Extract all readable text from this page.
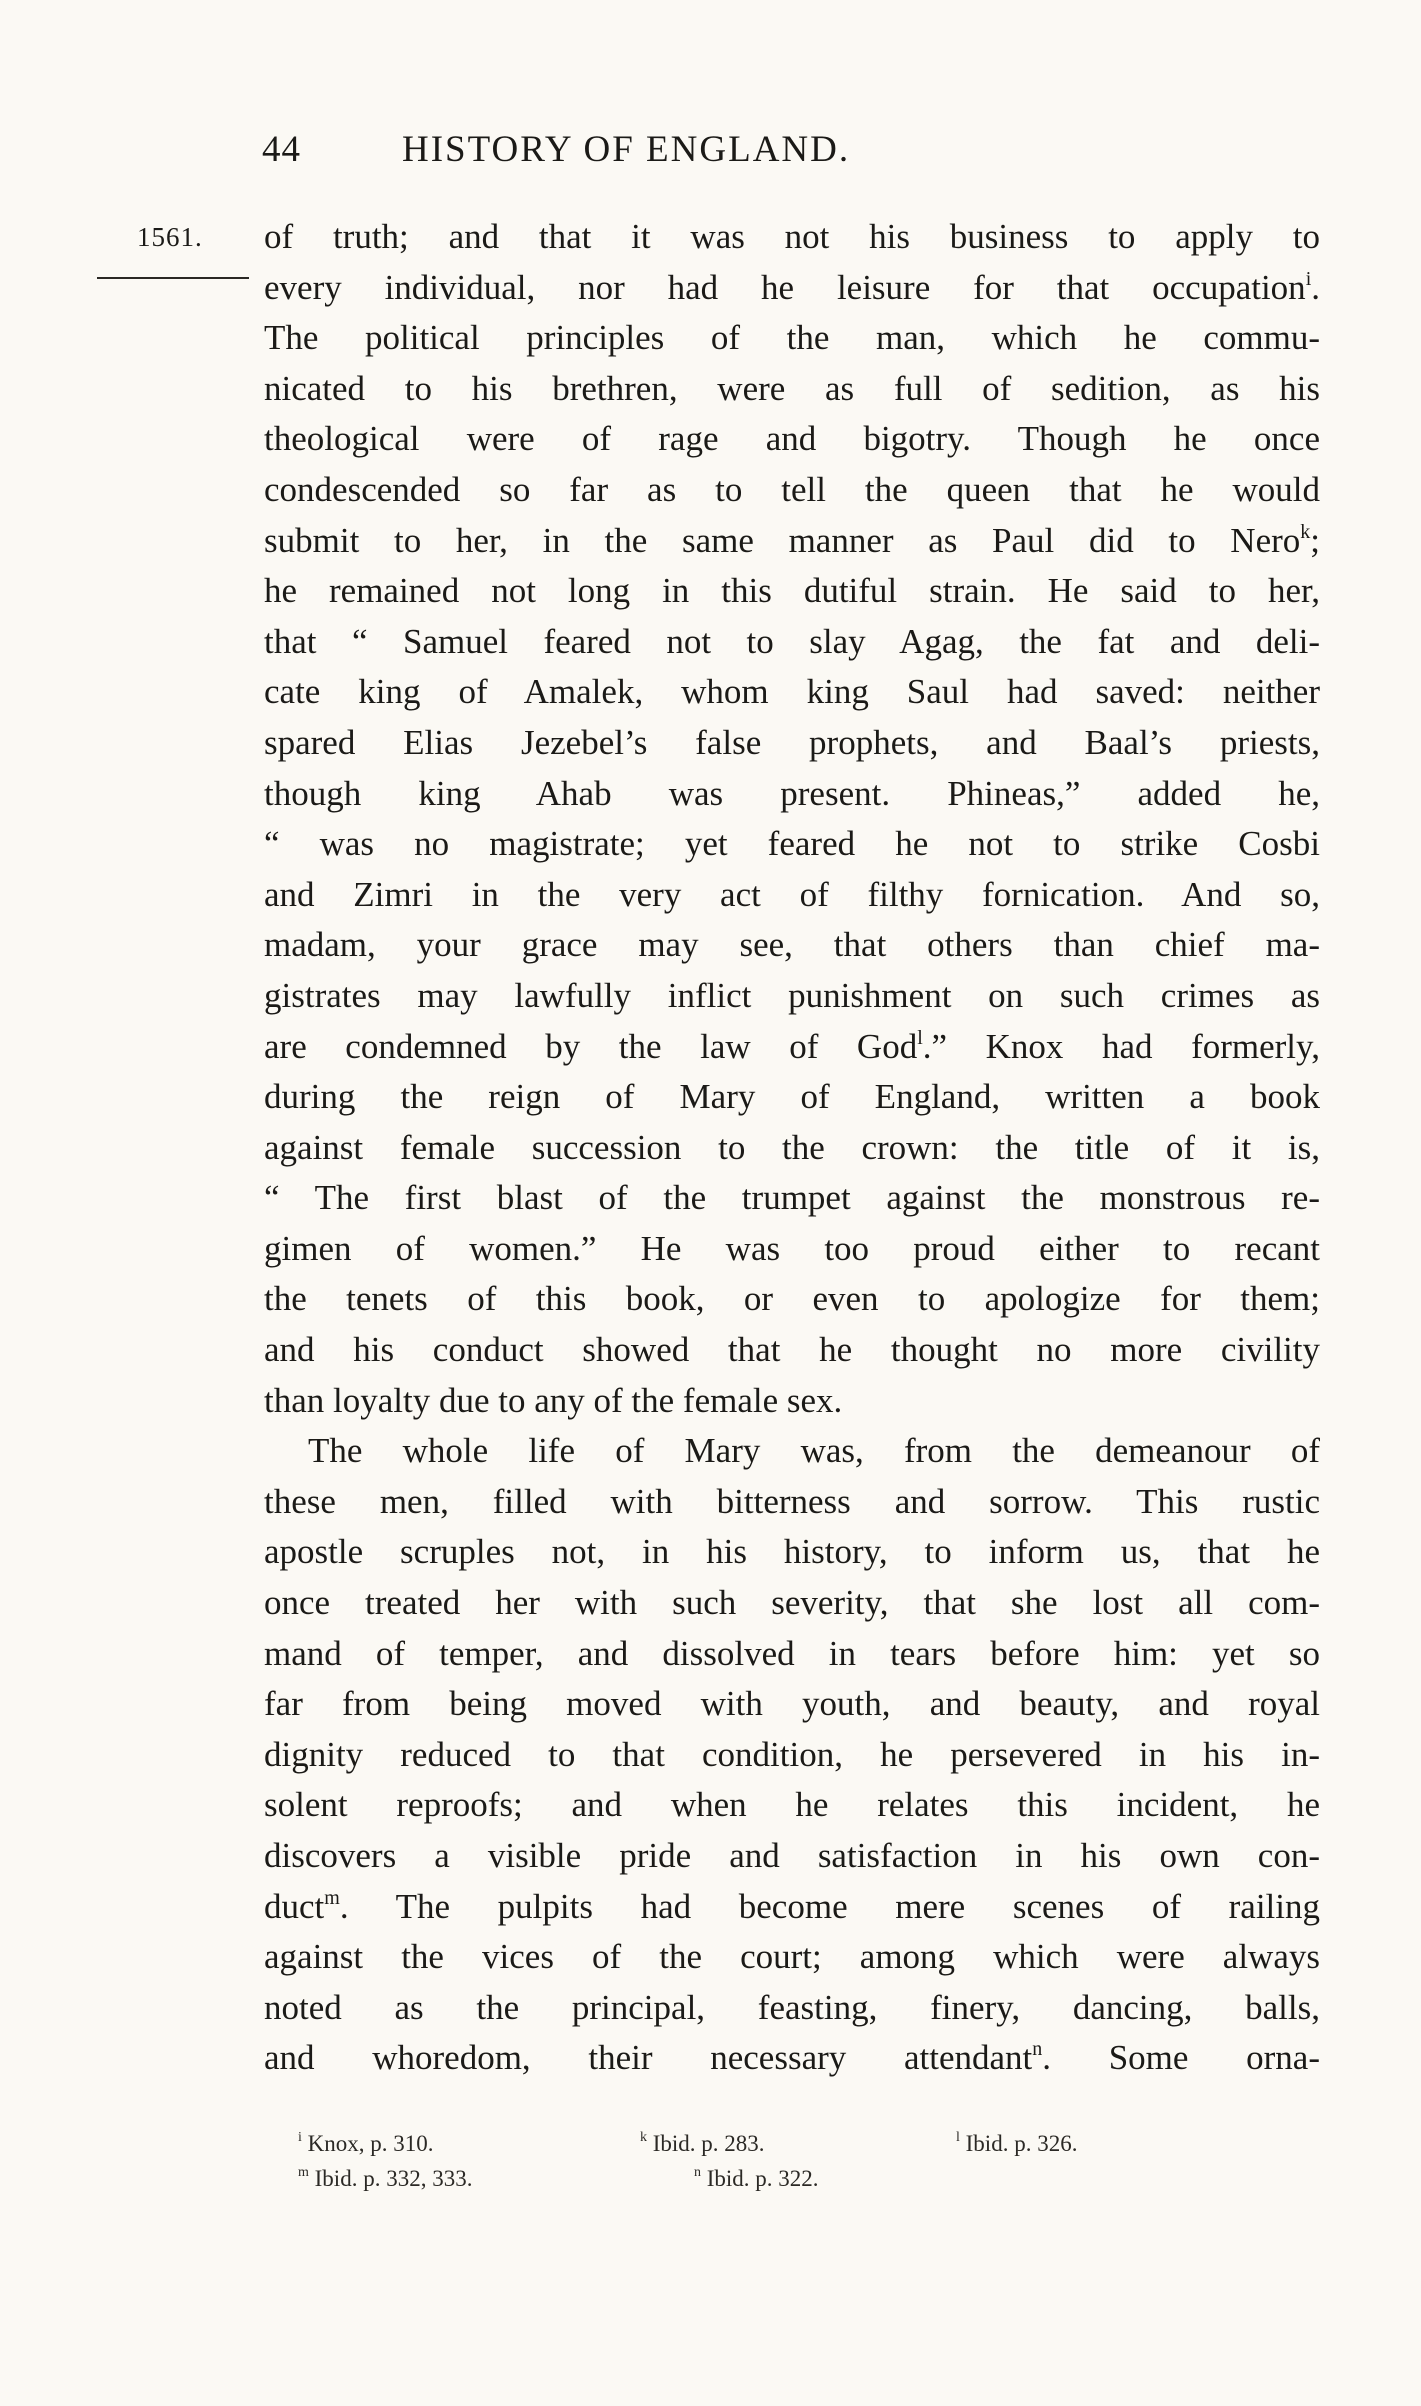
44	HISTORY OF ENGLAND.
1561. of truth; and that it was not his business to apply to
every individual, nor had he leisure for that occupation$^i$.
The political principles of the man, which he commu-
nicated to his brethren, were as full of sedition, as his
theological were of rage and bigotry. Though he once
condescended so far as to tell the queen that he would
submit to her, in the same manner as Paul did to Nero$^k$;
he remained not long in this dutiful strain. He said to her,
that “ Samuel feared not to slay Agag, the fat and deli-
cate king of Amalek, whom king Saul had saved: neither
spared Elias Jezebel’s false prophets, and Baal’s priests,
though king Ahab was present. Phineas,” added he,
“ was no magistrate; yet feared he not to strike Cosbi
and Zimri in the very act of filthy fornication. And so,
madam, your grace may see, that others than chief ma-
gistrates may lawfully inflict punishment on such crimes as
are condemned by the law of God$^l$.” Knox had formerly,
during the reign of Mary of England, written a book
against female succession to the crown: the title of it is,
“ The first blast of the trumpet against the monstrous re-
gimen of women.” He was too proud either to recant
the tenets of this book, or even to apologize for them;
and his conduct showed that he thought no more civility
than loyalty due to any of the female sex.
The whole life of Mary was, from the demeanour of
these men, filled with bitterness and sorrow. This rustic
apostle scruples not, in his history, to inform us, that he
once treated her with such severity, that she lost all com-
mand of temper, and dissolved in tears before him: yet so
far from being moved with youth, and beauty, and royal
dignity reduced to that condition, he persevered in his in-
solent reproofs; and when he relates this incident, he
discovers a visible pride and satisfaction in his own con-
duct$^m$. The pulpits had become mere scenes of railing
against the vices of the court; among which were always
noted as the principal, feasting, finery, dancing, balls,
and whoredom, their necessary attendant$^n$. Some orna-
$^i$ Knox, p. 310.	$^k$ Ibid. p. 283.	$^l$ Ibid. p. 326.
$^m$ Ibid. p. 332, 333.	$^n$ Ibid. p. 322.
